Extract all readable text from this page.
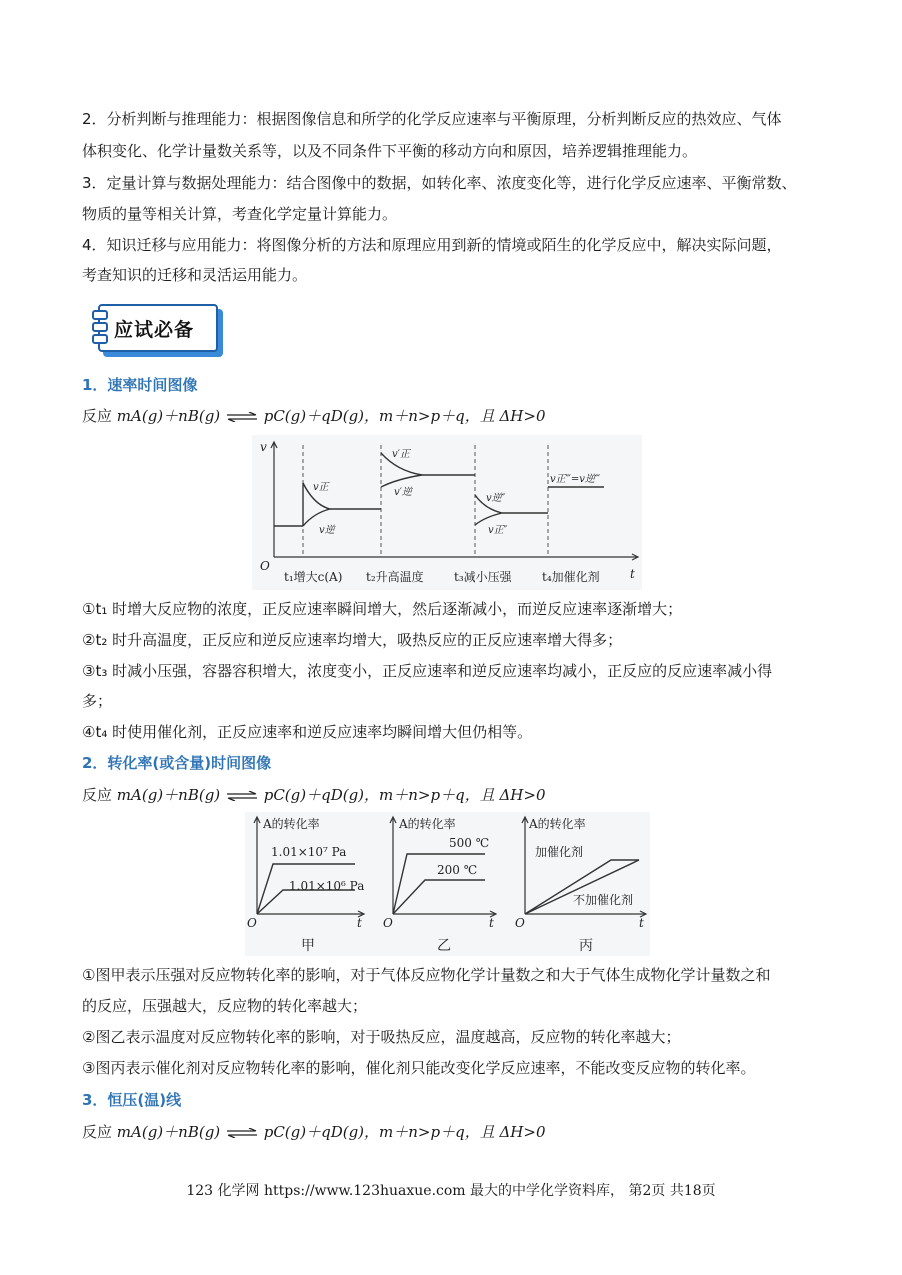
2．分析判断与推理能力：根据图像信息和所学的化学反应速率与平衡原理，分析判断反应的热效应、气体
体积变化、化学计量数关系等，以及不同条件下平衡的移动方向和原因，培养逻辑推理能力。
3．定量计算与数据处理能力：结合图像中的数据，如转化率、浓度变化等，进行化学反应速率、平衡常数、
物质的量等相关计算，考查化学定量计算能力。
4．知识迁移与应用能力：将图像分析的方法和原理应用到新的情境或陌生的化学反应中，解决实际问题，
考查知识的迁移和灵活运用能力。
应试必备
1．速率时间图像
反应 mA(g)＋nB(g) ⇌ pC(g)＋qD(g)，m＋n>p＋q，且 ΔH>0
v
t
O
v正
v逆
v′正
v′逆
v逆″
v正″
v正‴=v逆‴
t₁增大c(A) t₂升高温度	t₃减小压强	t₄加催化剂
①t₁ 时增大反应物的浓度，正反应速率瞬间增大，然后逐渐减小，而逆反应速率逐渐增大；
②t₂ 时升高温度，正反应和逆反应速率均增大，吸热反应的正反应速率增大得多；
③t₃ 时减小压强，容器容积增大，浓度变小，正反应速率和逆反应速率均减小，正反应的反应速率减小得
多；
④t₄ 时使用催化剂，正反应速率和逆反应速率均瞬间增大但仍相等。
2．转化率(或含量)时间图像
反应 mA(g)＋nB(g) ⇌ pC(g)＋qD(g)，m＋n>p＋q，且 ΔH>0
A的转化率
1.01×10⁷ Pa
1.01×10⁶ Pa
O	t
甲
A的转化率
500 ℃
200 ℃
O	t
乙
A的转化率
加催化剂
不加催化剂
O	t
丙
①图甲表示压强对反应物转化率的影响，对于气体反应物化学计量数之和大于气体生成物化学计量数之和
的反应，压强越大，反应物的转化率越大；
②图乙表示温度对反应物转化率的影响，对于吸热反应，温度越高，反应物的转化率越大；
③图丙表示催化剂对反应物转化率的影响，催化剂只能改变化学反应速率，不能改变反应物的转化率。
3．恒压(温)线
反应 mA(g)＋nB(g) ⇌ pC(g)＋qD(g)，m＋n>p＋q，且 ΔH>0
123 化学网 https://www.123huaxue.com 最大的中学化学资料库， 第2页 共18页
